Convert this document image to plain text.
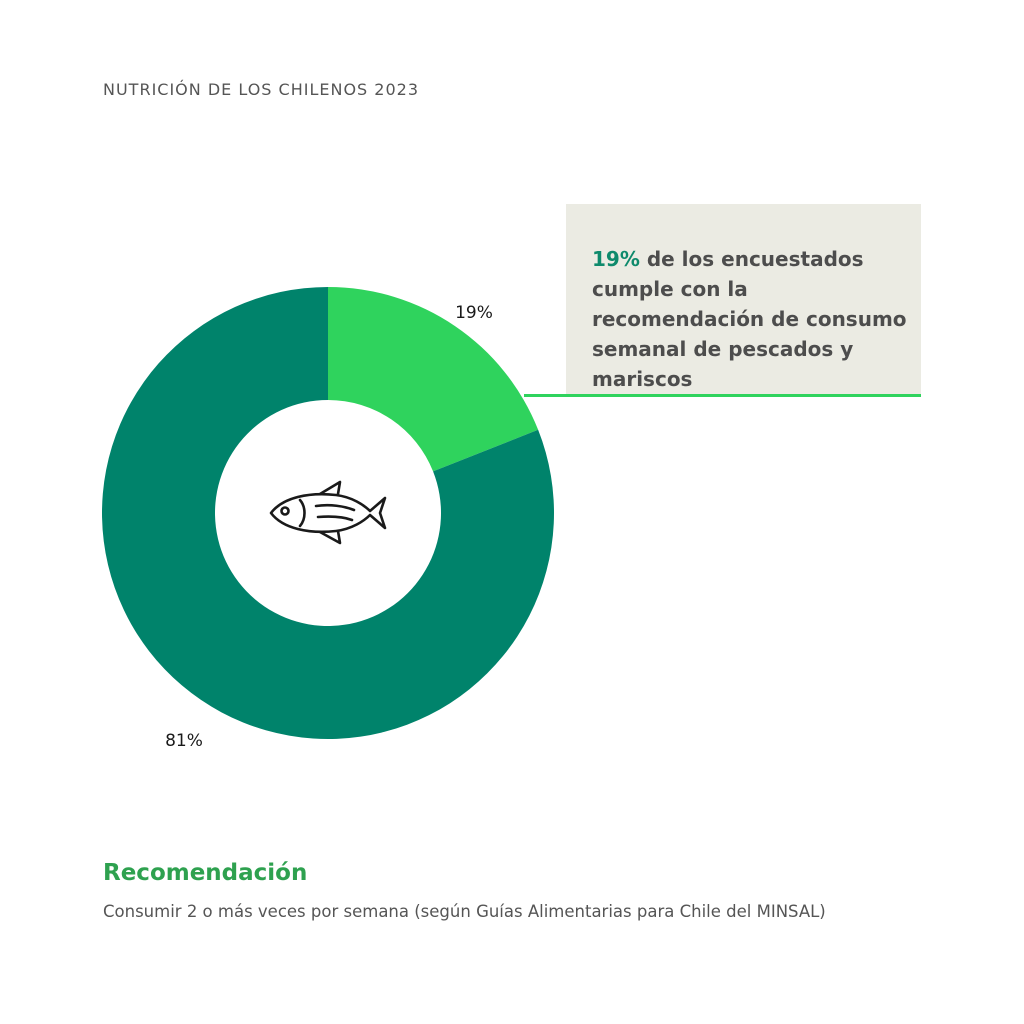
NUTRICIÓN DE LOS CHILENOS 2023
19%
81%
19% de los encuestados cumple con la recomendación de consumo semanal de pescados y mariscos
Recomendación
Consumir 2 o más veces por semana (según Guías Alimentarias para Chile del MINSAL)
